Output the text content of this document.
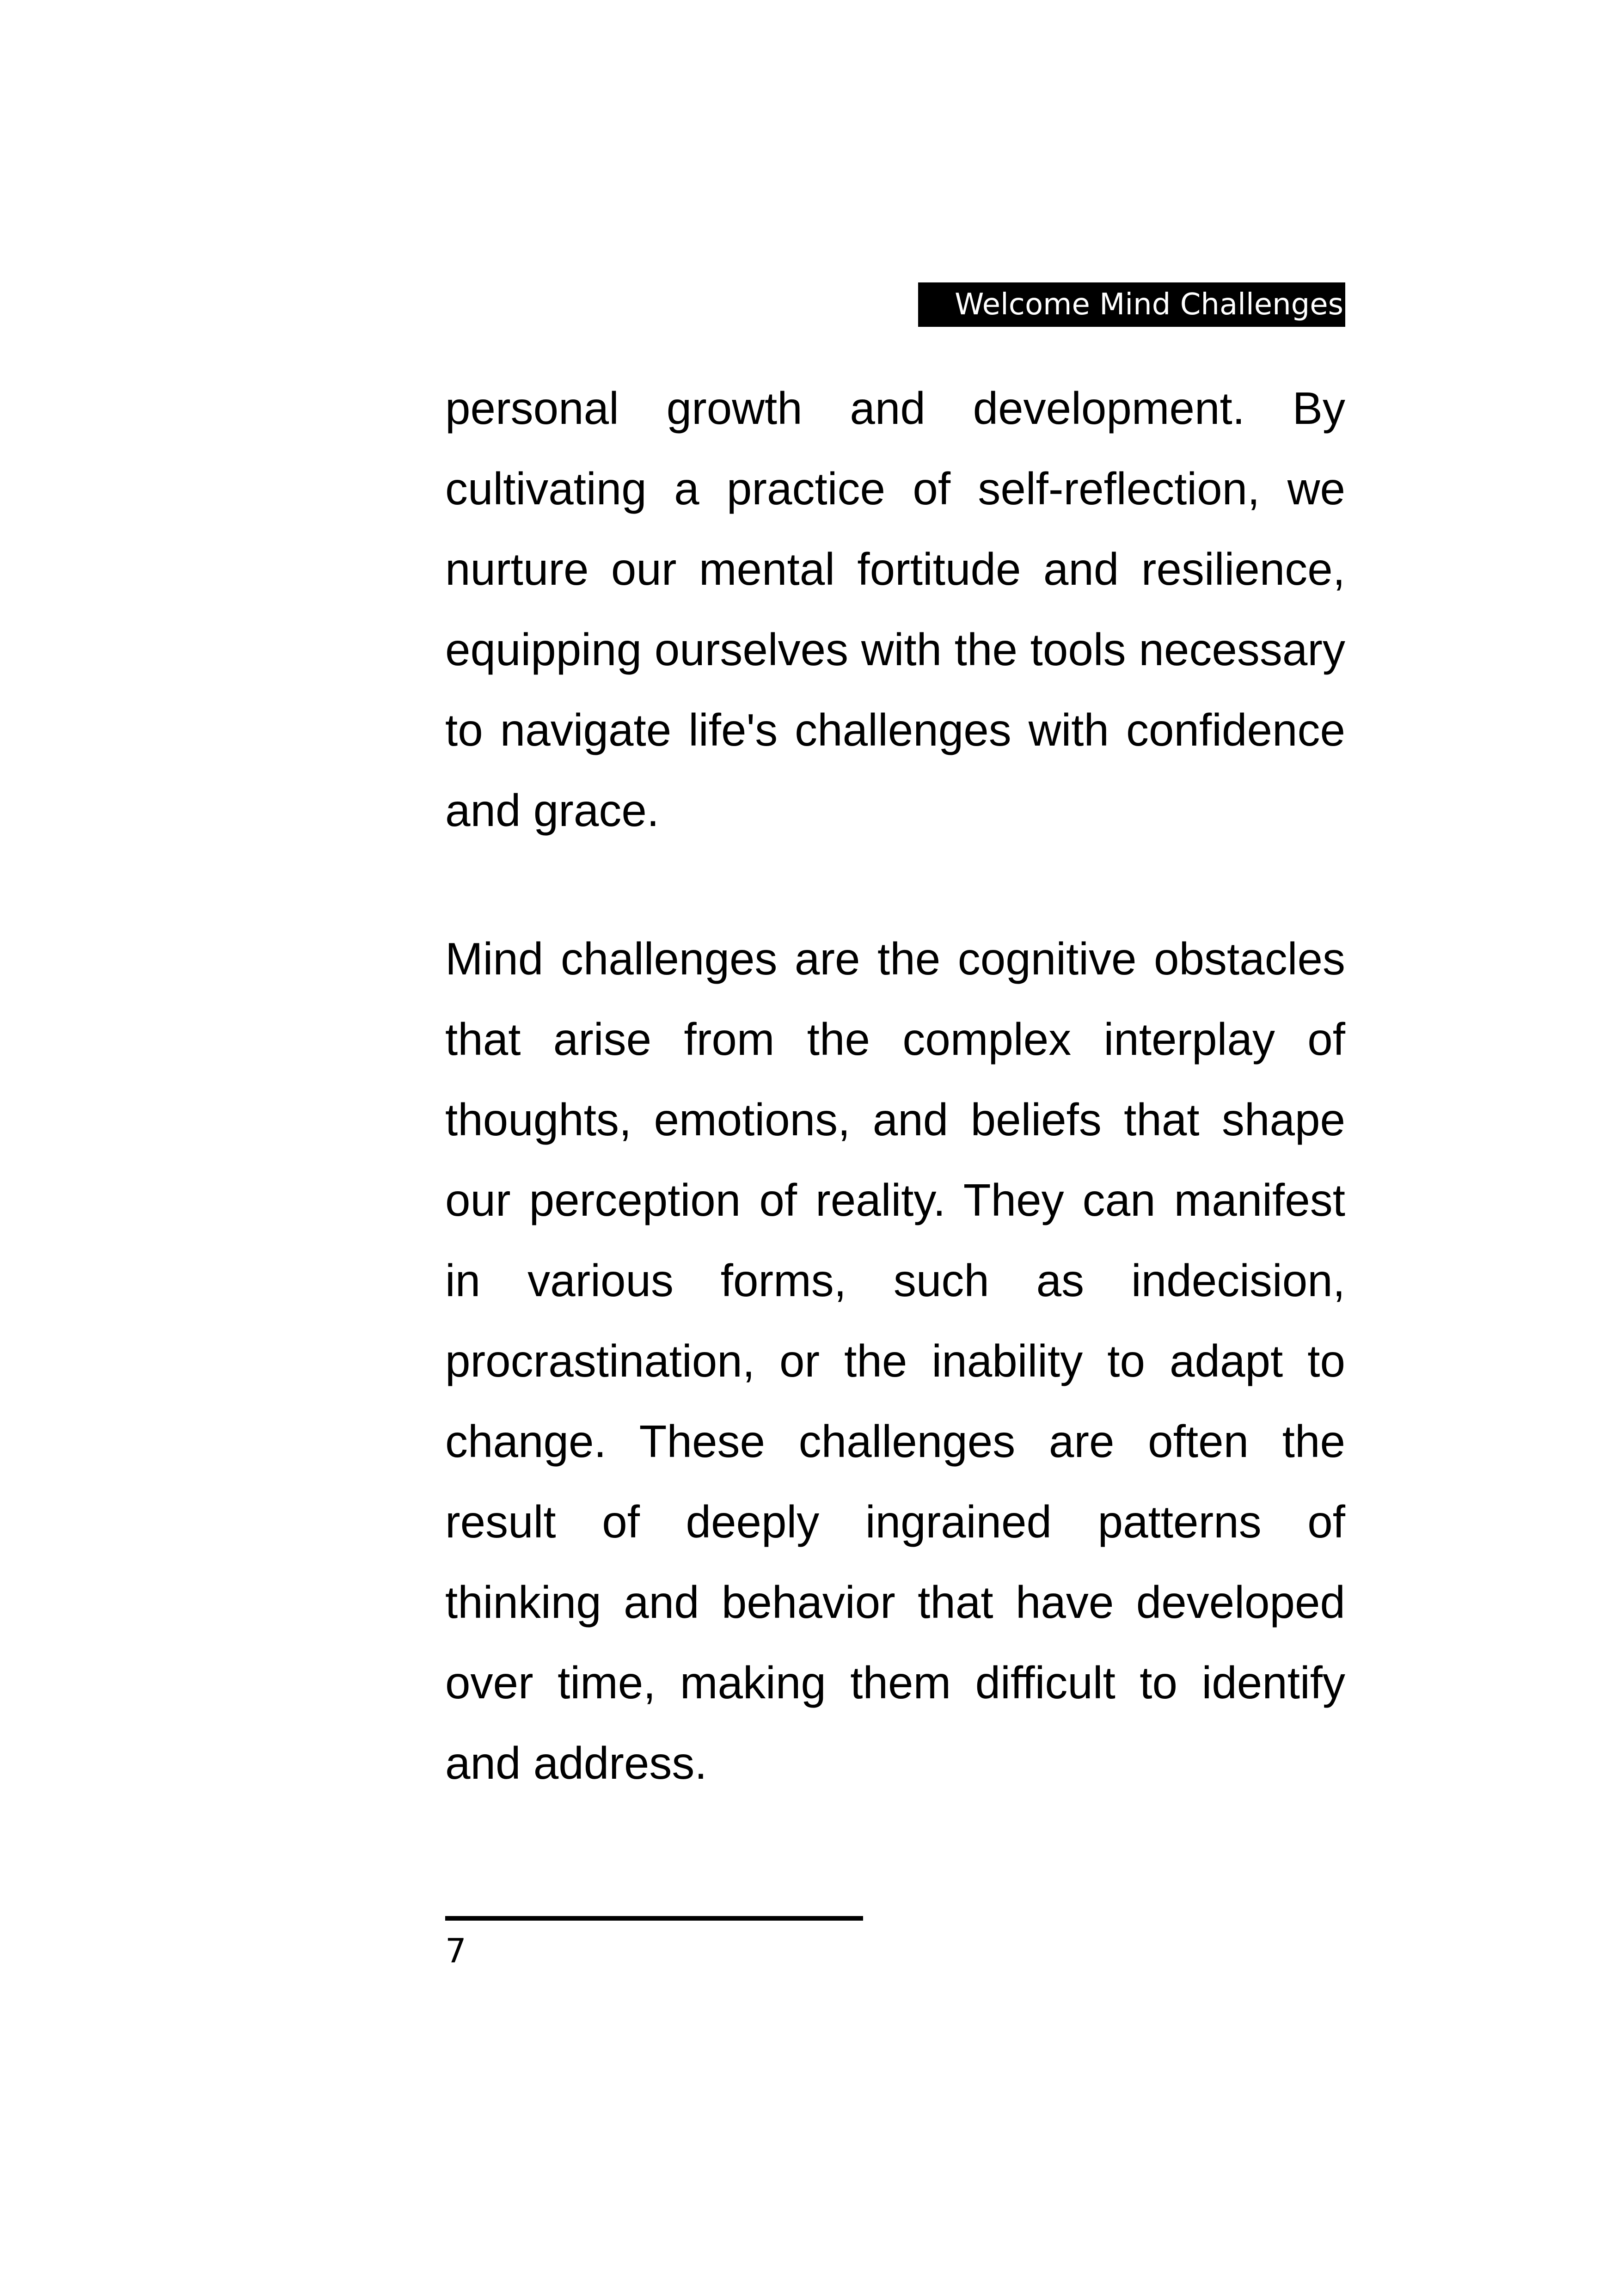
Welcome Mind Challenges

personal growth and development. By cultivating a practice of self-reflection, we nurture our mental fortitude and resilience, equipping ourselves with the tools necessary to navigate life's challenges with confidence and grace.

Mind challenges are the cognitive obstacles that arise from the complex interplay of thoughts, emotions, and beliefs that shape our perception of reality. They can manifest in various forms, such as indecision, procrastination, or the inability to adapt to change. These challenges are often the result of deeply ingrained patterns of thinking and behavior that have developed over time, making them difficult to identify and address.

7
